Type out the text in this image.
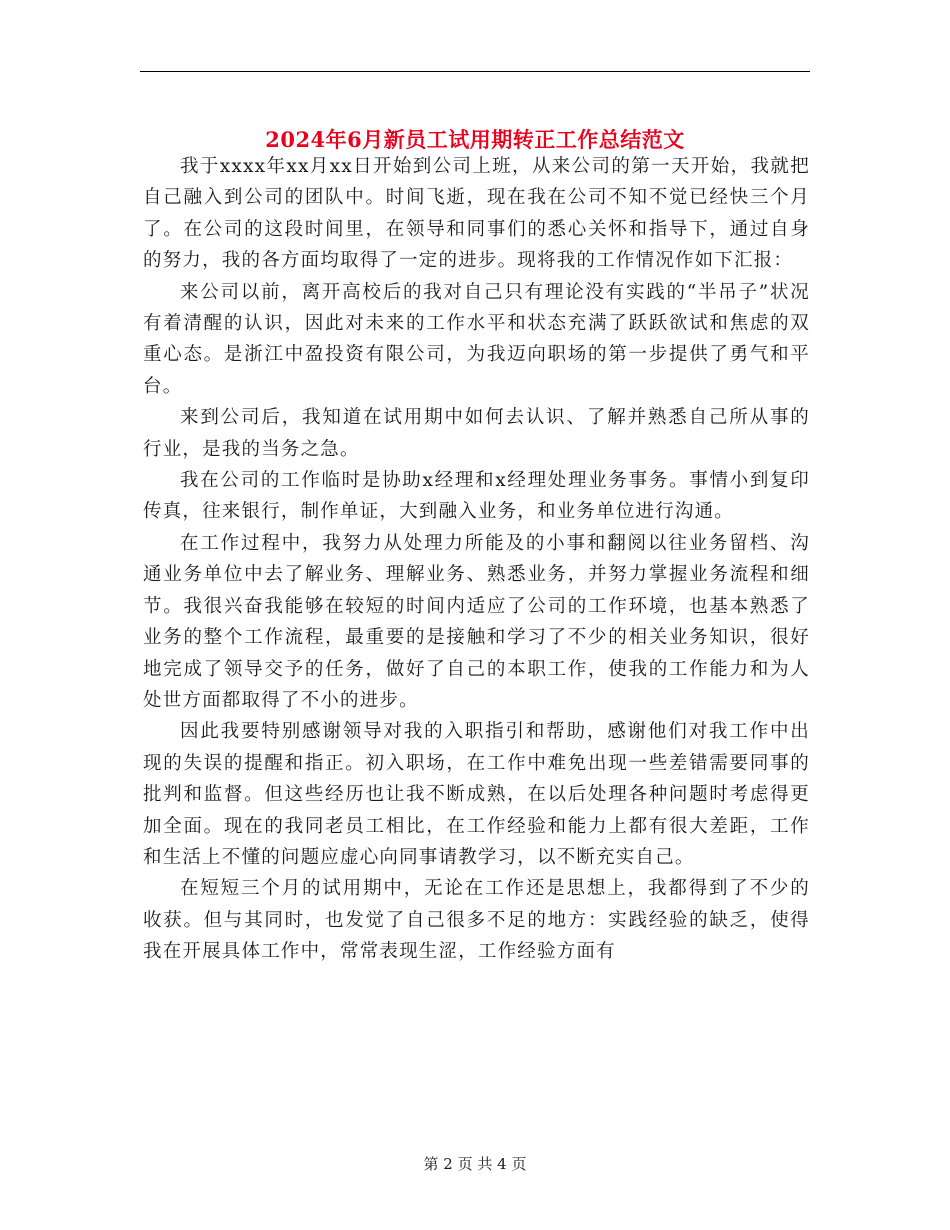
2024年6月新员工试用期转正工作总结范文

我于xxxx年xx月xx日开始到公司上班，从来公司的第一天开始，我就把自己融入到公司的团队中。时间飞逝，现在我在公司不知不觉已经快三个月了。在公司的这段时间里，在领导和同事们的悉心关怀和指导下，通过自身的努力，我的各方面均取得了一定的进步。现将我的工作情况作如下汇报：

来公司以前，离开高校后的我对自己只有理论没有实践的“半吊子”状况有着清醒的认识，因此对未来的工作水平和状态充满了跃跃欲试和焦虑的双重心态。是浙江中盈投资有限公司，为我迈向职场的第一步提供了勇气和平台。

来到公司后，我知道在试用期中如何去认识、了解并熟悉自己所从事的行业，是我的当务之急。

我在公司的工作临时是协助x经理和x经理处理业务事务。事情小到复印传真，往来银行，制作单证，大到融入业务，和业务单位进行沟通。

在工作过程中，我努力从处理力所能及的小事和翻阅以往业务留档、沟通业务单位中去了解业务、理解业务、熟悉业务，并努力掌握业务流程和细节。我很兴奋我能够在较短的时间内适应了公司的工作环境，也基本熟悉了业务的整个工作流程，最重要的是接触和学习了不少的相关业务知识，很好地完成了领导交予的任务，做好了自己的本职工作，使我的工作能力和为人处世方面都取得了不小的进步。

因此我要特别感谢领导对我的入职指引和帮助，感谢他们对我工作中出现的失误的提醒和指正。初入职场，在工作中难免出现一些差错需要同事的批判和监督。但这些经历也让我不断成熟，在以后处理各种问题时考虑得更加全面。现在的我同老员工相比，在工作经验和能力上都有很大差距，工作和生活上不懂的问题应虚心向同事请教学习，以不断充实自己。

在短短三个月的试用期中，无论在工作还是思想上，我都得到了不少的收获。但与其同时，也发觉了自己很多不足的地方：实践经验的缺乏，使得我在开展具体工作中，常常表现生涩，工作经验方面有

第 2 页 共 4 页
